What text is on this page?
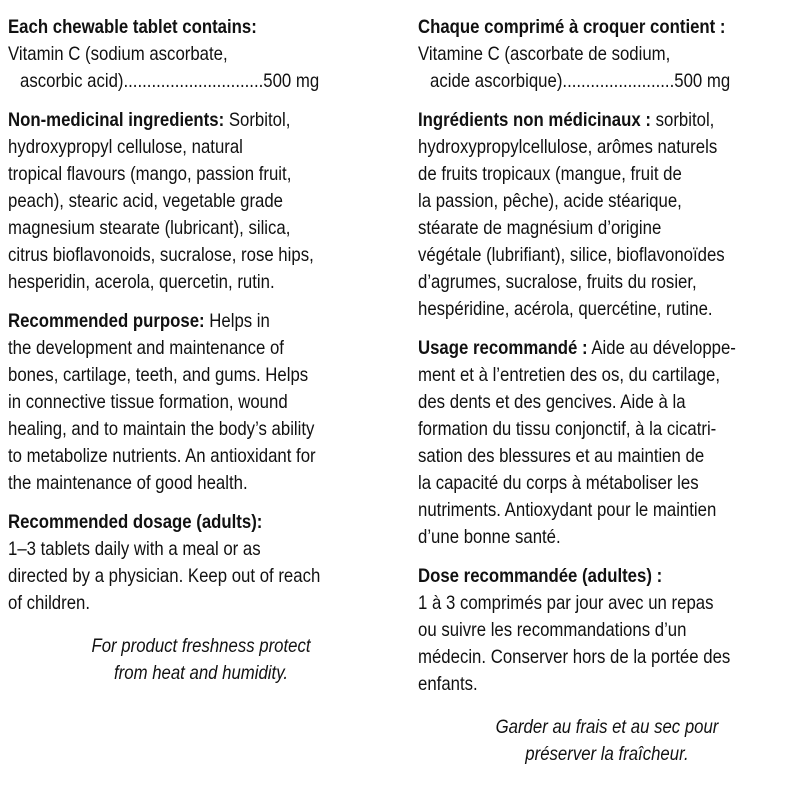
Each chewable tablet contains:
Vitamin C (sodium ascorbate,
ascorbic acid)..............................500 mg
Non-medicinal ingredients: Sorbitol,
hydroxypropyl cellulose, natural
tropical flavours (mango, passion fruit,
peach), stearic acid, vegetable grade
magnesium stearate (lubricant), silica,
citrus bioflavonoids, sucralose, rose hips,
hesperidin, acerola, quercetin, rutin.
Recommended purpose: Helps in
the development and maintenance of
bones, cartilage, teeth, and gums. Helps
in connective tissue formation, wound
healing, and to maintain the body’s ability
to metabolize nutrients. An antioxidant for
the maintenance of good health.
Recommended dosage (adults):
1–3 tablets daily with a meal or as
directed by a physician. Keep out of reach
of children.
For product freshness protect
from heat and humidity.
Chaque comprimé à croquer contient :
Vitamine C (ascorbate de sodium,
acide ascorbique)........................500 mg
Ingrédients non médicinaux : sorbitol,
hydroxypropylcellulose, arômes naturels
de fruits tropicaux (mangue, fruit de
la passion, pêche), acide stéarique,
stéarate de magnésium d’origine
végétale (lubrifiant), silice, bioflavonoïdes
d’agrumes, sucralose, fruits du rosier,
hespéridine, acérola, quercétine, rutine.
Usage recommandé : Aide au développe-
ment et à l’entretien des os, du cartilage,
des dents et des gencives. Aide à la
formation du tissu conjonctif, à la cicatri-
sation des blessures et au maintien de
la capacité du corps à métaboliser les
nutriments. Antioxydant pour le maintien
d’une bonne santé.
Dose recommandée (adultes) :
1 à 3 comprimés par jour avec un repas
ou suivre les recommandations d’un
médecin. Conserver hors de la portée des
enfants.
Garder au frais et au sec pour
préserver la fraîcheur.
